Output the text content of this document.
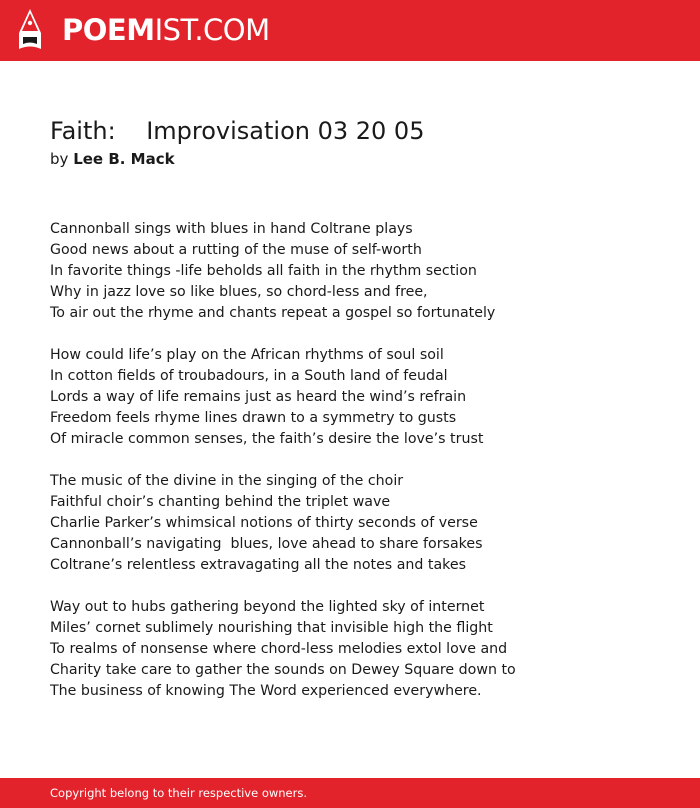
POEMIST.COM
Faith:    Improvisation 03 20 05
by Lee B. Mack
Cannonball sings with blues in hand Coltrane plays
Good news about a rutting of the muse of self-worth
In favorite things -life beholds all faith in the rhythm section
Why in jazz love so like blues, so chord-less and free,
To air out the rhyme and chants repeat a gospel so fortunately
How could life’s play on the African rhythms of soul soil
In cotton fields of troubadours, in a South land of feudal
Lords a way of life remains just as heard the wind’s refrain
Freedom feels rhyme lines drawn to a symmetry to gusts
Of miracle common senses, the faith’s desire the love’s trust
The music of the divine in the singing of the choir
Faithful choir’s chanting behind the triplet wave
Charlie Parker’s whimsical notions of thirty seconds of verse
Cannonball’s navigating  blues, love ahead to share forsakes
Coltrane’s relentless extravagating all the notes and takes
Way out to hubs gathering beyond the lighted sky of internet
Miles’ cornet sublimely nourishing that invisible high the flight
To realms of nonsense where chord-less melodies extol love and
Charity take care to gather the sounds on Dewey Square down to
The business of knowing The Word experienced everywhere.
Copyright belong to their respective owners.
